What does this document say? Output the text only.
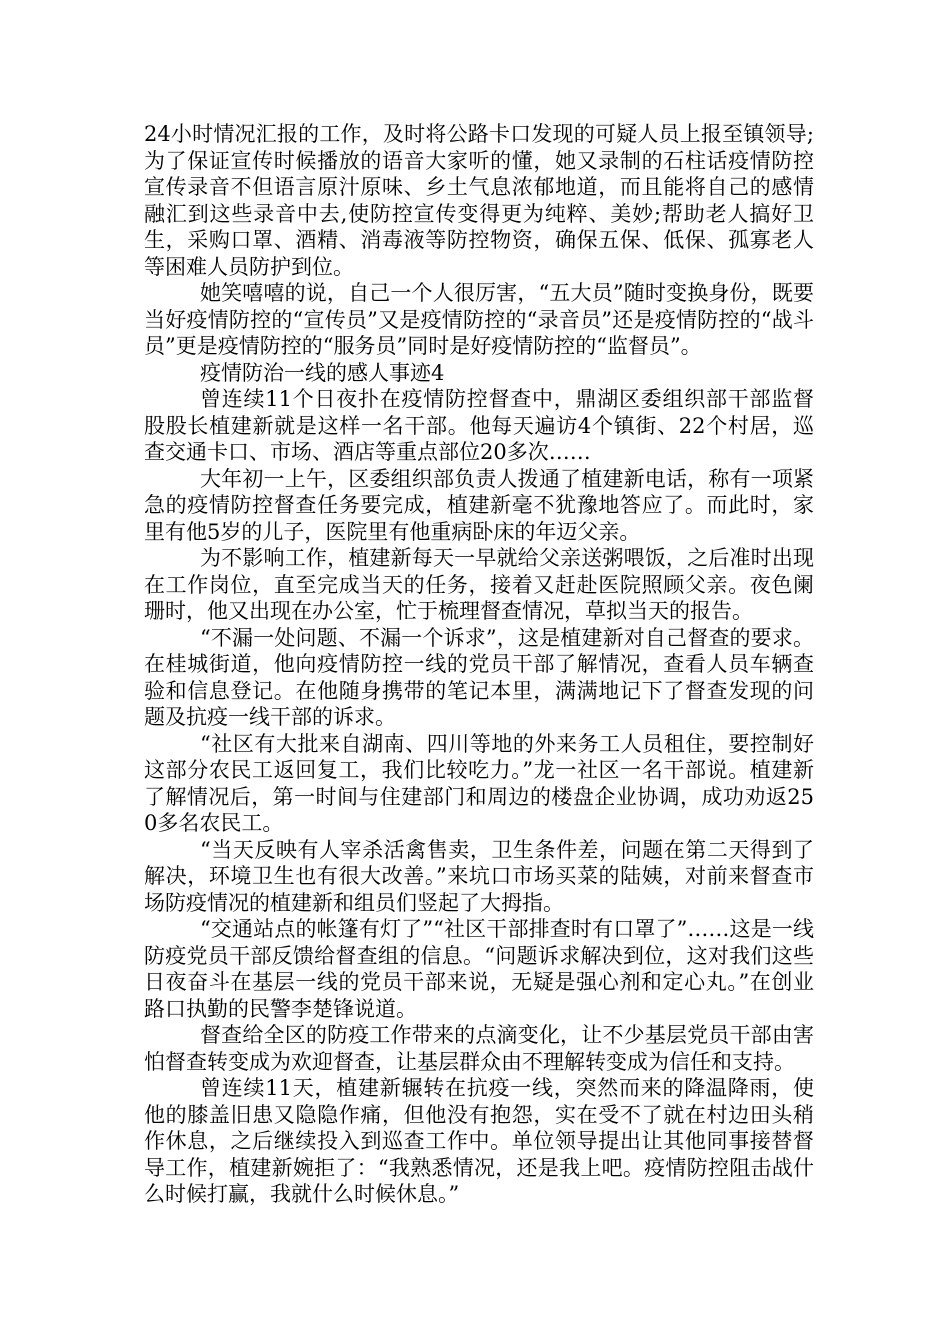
24小时情况汇报的工作，及时将公路卡口发现的可疑人员上报至镇领导;为了保证宣传时候播放的语音大家听的懂，她又录制的石柱话疫情防控宣传录音不但语言原汁原味、乡土气息浓郁地道，而且能将自己的感情融汇到这些录音中去,使防控宣传变得更为纯粹、美妙;帮助老人搞好卫生，采购口罩、酒精、消毒液等防控物资，确保五保、低保、孤寡老人等困难人员防护到位。

她笑嘻嘻的说，自己一个人很厉害，“五大员”随时变换身份，既要当好疫情防控的“宣传员”又是疫情防控的“录音员”还是疫情防控的“战斗员”更是疫情防控的“服务员”同时是好疫情防控的“监督员”。

疫情防治一线的感人事迹4

曾连续11个日夜扑在疫情防控督查中，鼎湖区委组织部干部监督股股长植建新就是这样一名干部。他每天遍访4个镇街、22个村居，巡查交通卡口、市场、酒店等重点部位20多次……

大年初一上午，区委组织部负责人拨通了植建新电话，称有一项紧急的疫情防控督查任务要完成，植建新毫不犹豫地答应了。而此时，家里有他5岁的儿子，医院里有他重病卧床的年迈父亲。

为不影响工作，植建新每天一早就给父亲送粥喂饭，之后准时出现在工作岗位，直至完成当天的任务，接着又赶赴医院照顾父亲。夜色阑珊时，他又出现在办公室，忙于梳理督查情况，草拟当天的报告。

“不漏一处问题、不漏一个诉求”，这是植建新对自己督查的要求。在桂城街道，他向疫情防控一线的党员干部了解情况，查看人员车辆查验和信息登记。在他随身携带的笔记本里，满满地记下了督查发现的问题及抗疫一线干部的诉求。

“社区有大批来自湖南、四川等地的外来务工人员租住，要控制好这部分农民工返回复工，我们比较吃力。”龙一社区一名干部说。植建新了解情况后，第一时间与住建部门和周边的楼盘企业协调，成功劝返250多名农民工。

“当天反映有人宰杀活禽售卖，卫生条件差，问题在第二天得到了解决，环境卫生也有很大改善。”来坑口市场买菜的陆姨，对前来督查市场防疫情况的植建新和组员们竖起了大拇指。

“交通站点的帐篷有灯了”“社区干部排查时有口罩了”……这是一线防疫党员干部反馈给督查组的信息。“问题诉求解决到位，这对我们这些日夜奋斗在基层一线的党员干部来说，无疑是强心剂和定心丸。”在创业路口执勤的民警李楚锋说道。

督查给全区的防疫工作带来的点滴变化，让不少基层党员干部由害怕督查转变成为欢迎督查，让基层群众由不理解转变成为信任和支持。

曾连续11天，植建新辗转在抗疫一线，突然而来的降温降雨，使他的膝盖旧患又隐隐作痛，但他没有抱怨，实在受不了就在村边田头稍作休息，之后继续投入到巡查工作中。单位领导提出让其他同事接替督导工作，植建新婉拒了：“我熟悉情况，还是我上吧。疫情防控阻击战什么时候打赢，我就什么时候休息。”
